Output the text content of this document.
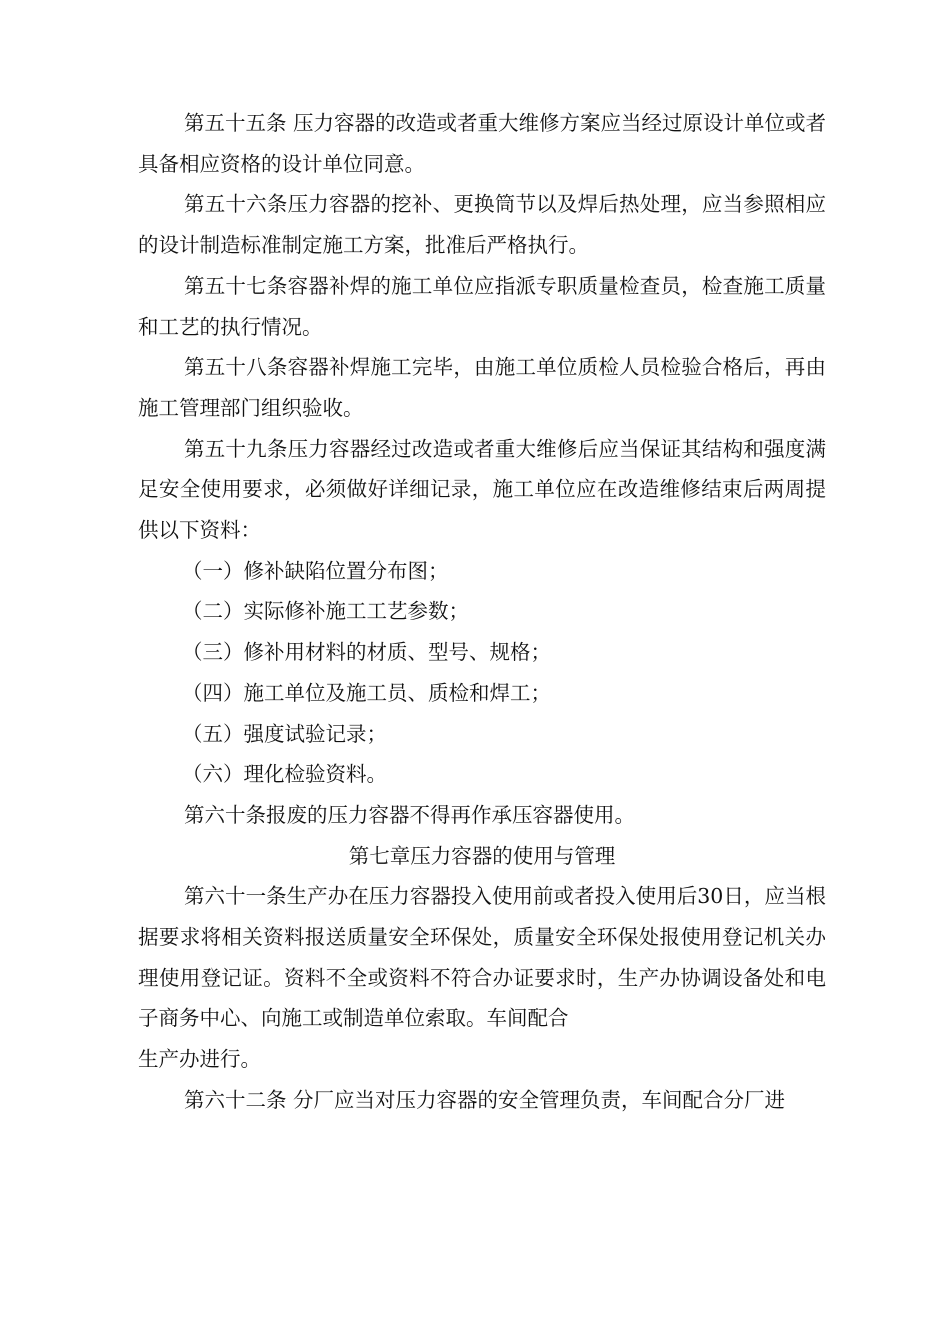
第五十五条 压力容器的改造或者重大维修方案应当经过原设计单位或者具备相应资格的设计单位同意。

第五十六条压力容器的挖补、更换筒节以及焊后热处理，应当参照相应的设计制造标准制定施工方案，批准后严格执行。

第五十七条容器补焊的施工单位应指派专职质量检查员，检查施工质量和工艺的执行情况。

第五十八条容器补焊施工完毕，由施工单位质检人员检验合格后，再由施工管理部门组织验收。

第五十九条压力容器经过改造或者重大维修后应当保证其结构和强度满足安全使用要求，必须做好详细记录，施工单位应在改造维修结束后两周提供以下资料：

（一）修补缺陷位置分布图；

（二）实际修补施工工艺参数；

（三）修补用材料的材质、型号、规格；

（四）施工单位及施工员、质检和焊工；

（五）强度试验记录；

（六）理化检验资料。

第六十条报废的压力容器不得再作承压容器使用。

第七章压力容器的使用与管理

第六十一条生产办在压力容器投入使用前或者投入使用后30日，应当根据要求将相关资料报送质量安全环保处，质量安全环保处报使用登记机关办理使用登记证。资料不全或资料不符合办证要求时，生产办协调设备处和电子商务中心、向施工或制造单位索取。车间配合

生产办进行。

第六十二条 分厂应当对压力容器的安全管理负责，车间配合分厂进
